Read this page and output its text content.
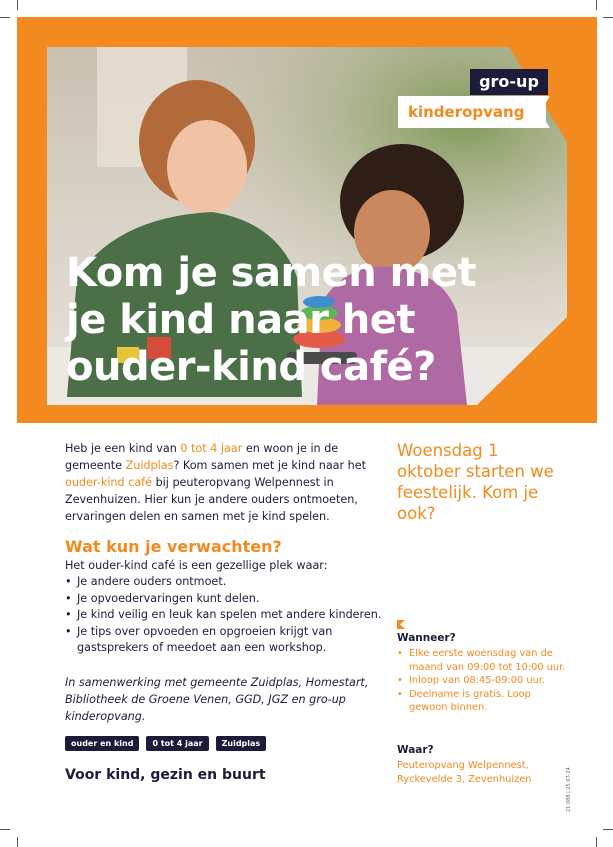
gro-up
kinderopvang
Kom je samen met
je kind naar het
ouder-kind café?

Heb je een kind van 0 tot 4 jaar en woon je in de gemeente Zuidplas? Kom samen met je kind naar het ouder-kind café bij peuteropvang Welpennest in Zevenhuizen. Hier kun je andere ouders ontmoeten, ervaringen delen en samen met je kind spelen.

Wat kun je verwachten?

Het ouder-kind café is een gezellige plek waar:

• Je andere ouders ontmoet.
• Je opvoedervaringen kunt delen.
• Je kind veilig en leuk kan spelen met andere kinderen.
• Je tips over opvoeden en opgroeien krijgt van gastsprekers of meedoet aan een workshop.

In samenwerking met gemeente Zuidplas, Homestart, Bibliotheek de Groene Venen, GGD, JGZ en gro-up kinderopvang.

ouder en kind	0 tot 4 jaar	Zuidplas

Voor kind, gezin en buurt

Woensdag 1 oktober starten we feestelijk. Kom je ook?

Wanneer?

• Elke eerste woensdag van de maand van 09:00 tot 10:00 uur.
• Inloop van 08:45-09:00 uur.
• Deelname is gratis. Loop gewoon binnen.

Waar?

Peuteropvang Welpennest,
Ryckevelde 3, Zevenhuizen	21 088 | 25 07-24
